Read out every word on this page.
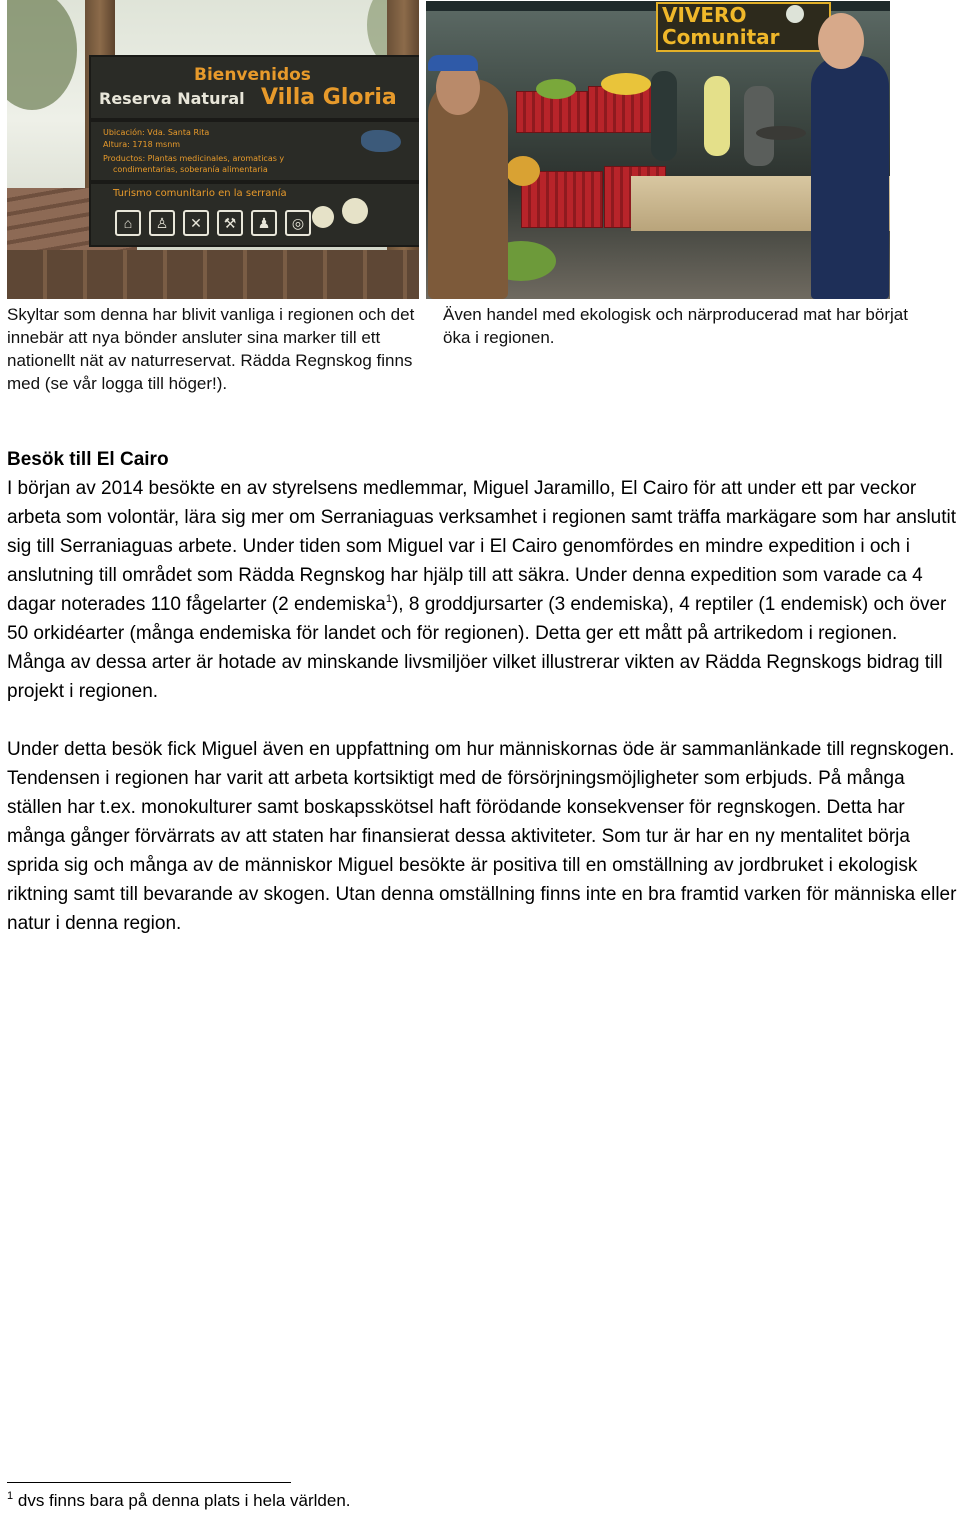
Bienvenidos
Reserva Natural Villa Gloria
Ubicación: Vda. Santa Rita
Altura: 1718 msnm
Productos: Plantas medicinales, aromaticas y
condimentarias, soberanía alimentaria
Turismo comunitario en la serranía
⌂	♙	✕	⚒	♟	◎
VIVERO
Comunitar
Skyltar som denna har blivit vanliga i regionen och det innebär att nya bönder ansluter sina marker till ett nationellt nät av naturreservat. Rädda Regnskog finns med (se vår logga till höger!).
Även handel med ekologisk och närproducerad mat har börjat öka i regionen.

Besök till El Cairo

I början av 2014 besökte en av styrelsens medlemmar, Miguel Jaramillo, El Cairo för att under ett par veckor arbeta som volontär, lära sig mer om Serraniaguas verksamhet i regionen samt träffa markägare som har anslutit sig till Serraniaguas arbete. Under tiden som Miguel var i El Cairo genomfördes en mindre expedition i och i anslutning till området som Rädda Regnskog har hjälp till att säkra. Under denna expedition som varade ca 4 dagar noterades 110 fågelarter (2 endemiska$^1$), 8 groddjursarter (3 endemiska), 4 reptiler (1 endemisk) och över 50 orkidéarter (många endemiska för landet och för regionen). Detta ger ett mått på artrikedom i regionen. Många av dessa arter är hotade av minskande livsmiljöer vilket illustrerar vikten av Rädda Regnskogs bidrag till projekt i regionen.

Under detta besök fick Miguel även en uppfattning om hur människornas öde är sammanlänkade till regnskogen. Tendensen i regionen har varit att arbeta kortsiktigt med de försörjningsmöjligheter som erbjuds. På många ställen har t.ex. monokulturer samt boskapsskötsel haft förödande konsekvenser för regnskogen. Detta har många gånger förvärrats av att staten har finansierat dessa aktiviteter. Som tur är har en ny mentalitet börja sprida sig och många av de människor Miguel besökte är positiva till en omställning av jordbruket i ekologisk riktning samt till bevarande av skogen. Utan denna omställning finns inte en bra framtid varken för människa eller natur i denna region.

$^1$ dvs finns bara på denna plats i hela världen.
